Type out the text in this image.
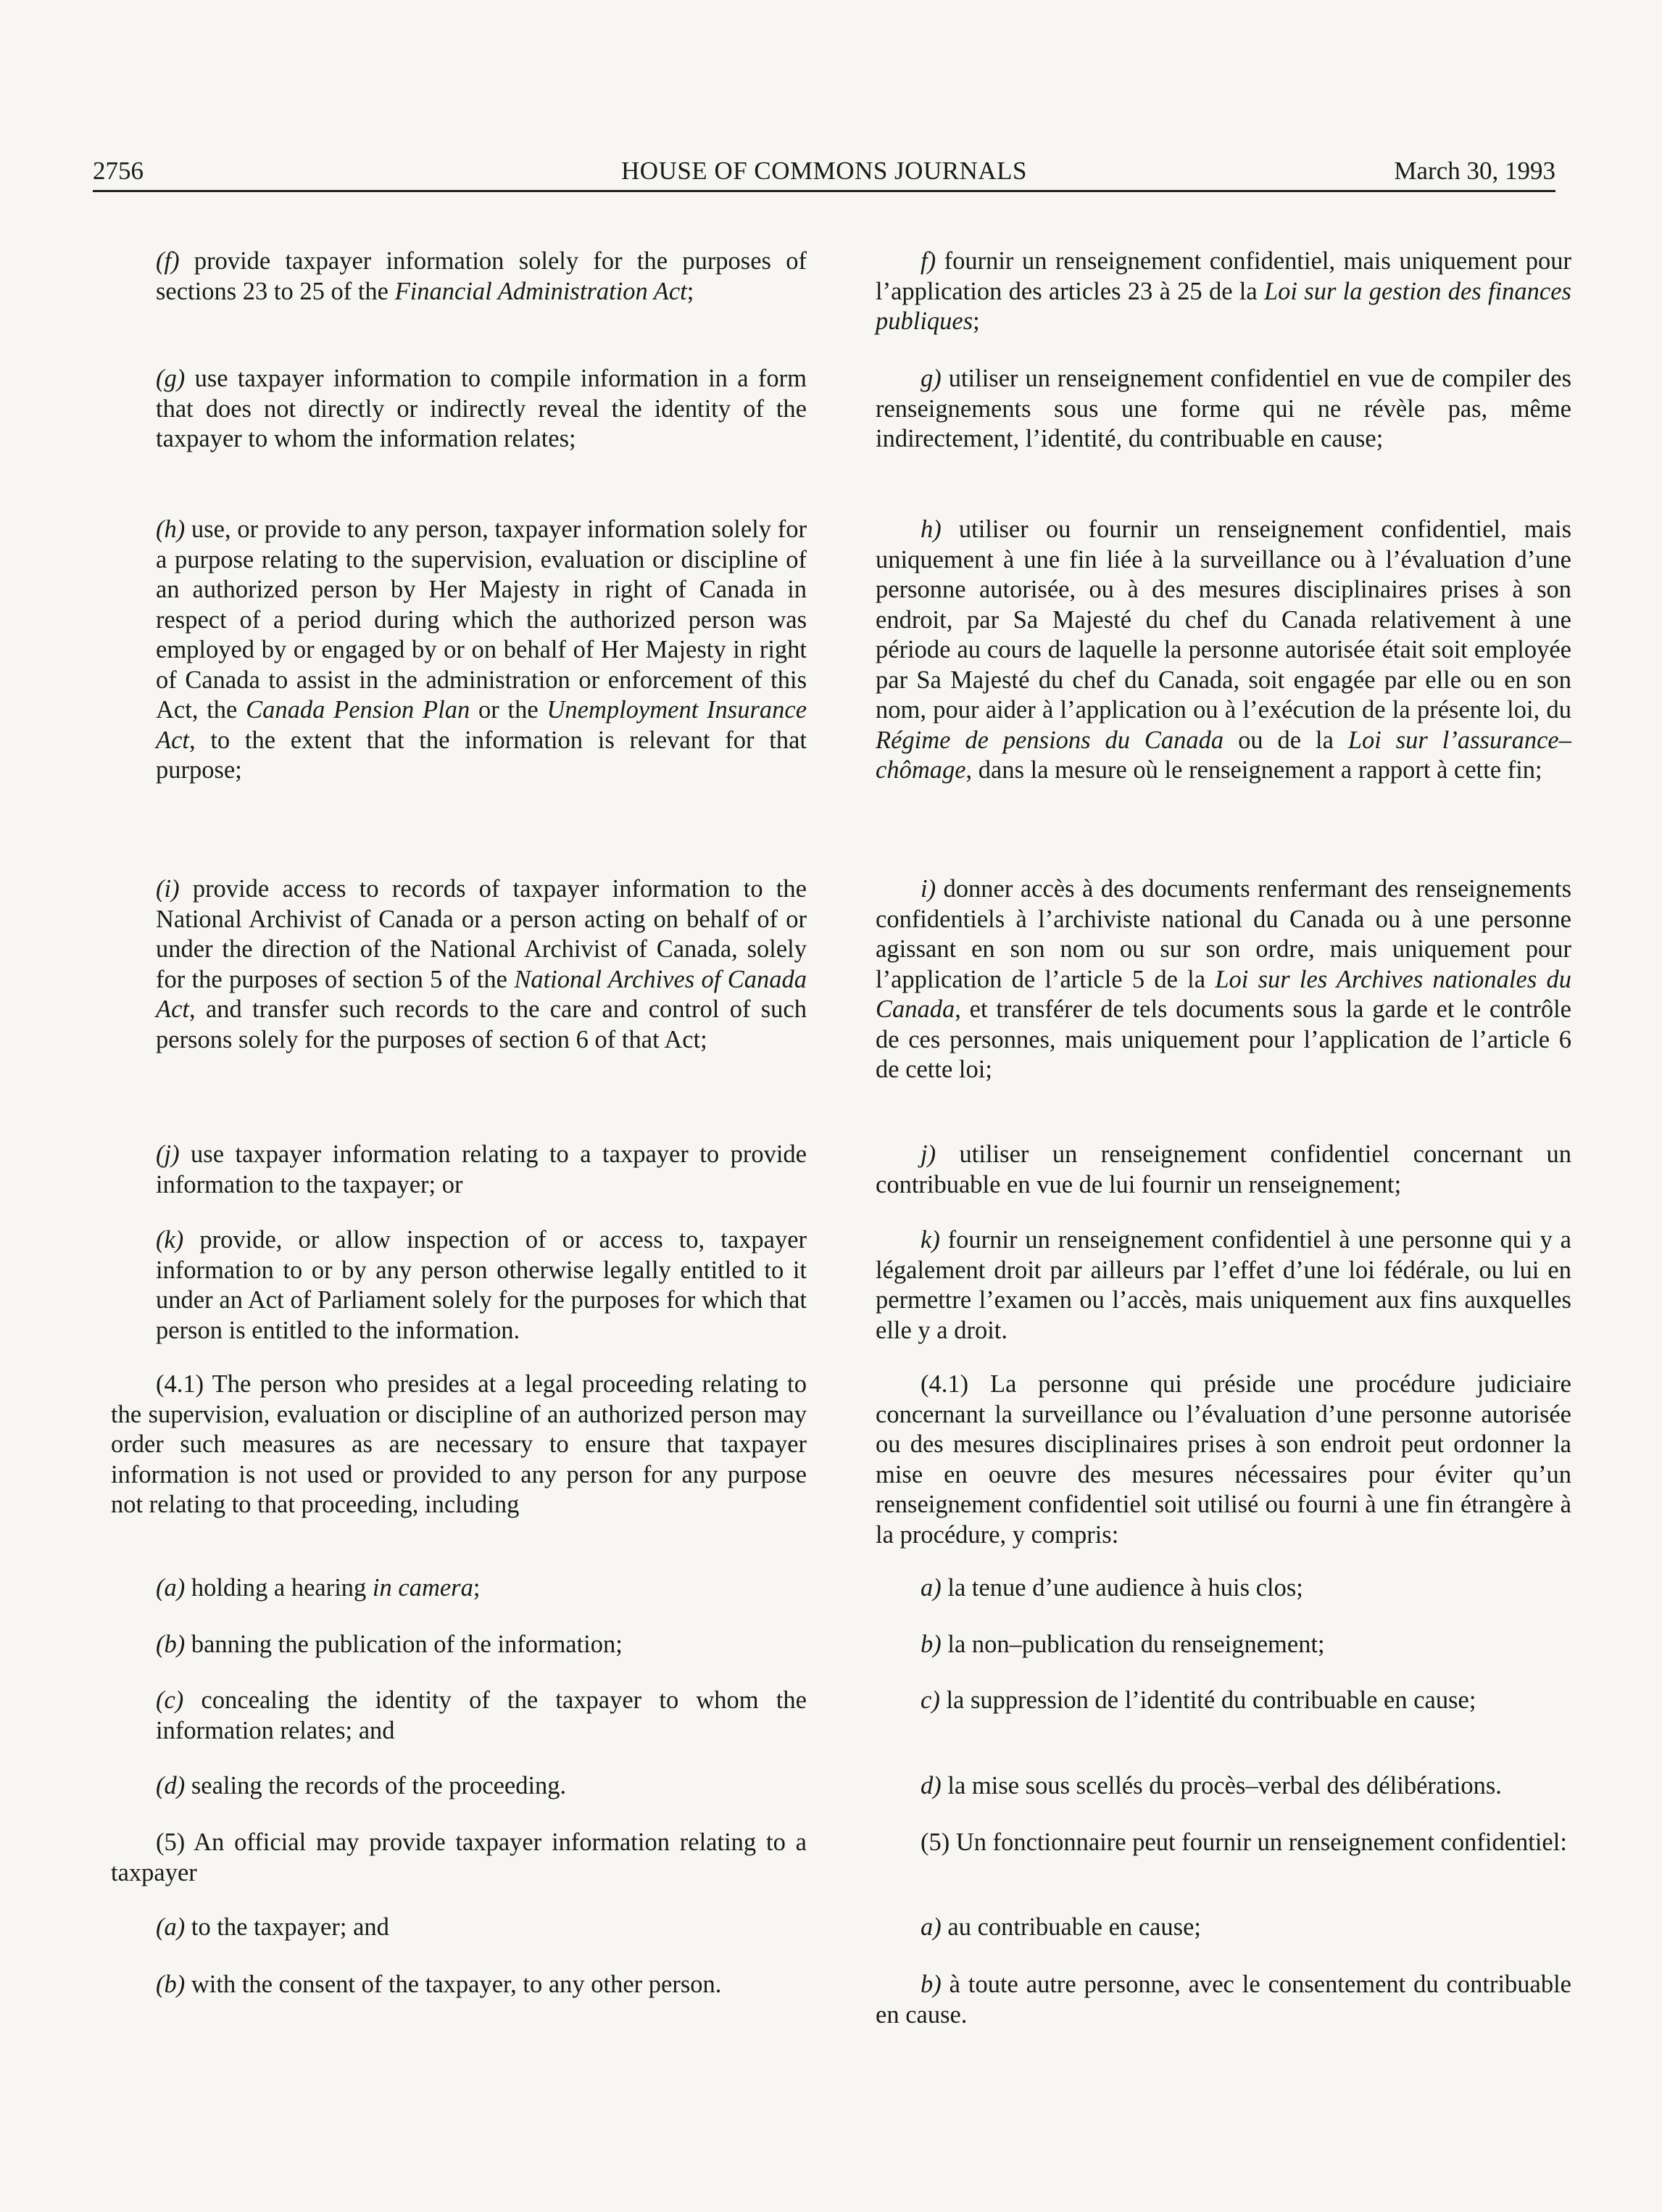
2756	HOUSE OF COMMONS JOURNALS	March 30, 1993

(f) provide taxpayer information solely for the purposes of sections 23 to 25 of the Financial Administration Act;

(g) use taxpayer information to compile information in a form that does not directly or indirectly reveal the identity of the taxpayer to whom the information relates;

(h) use, or provide to any person, taxpayer information solely for a purpose relating to the supervision, evaluation or discipline of an authorized person by Her Majesty in right of Canada in respect of a period during which the authorized person was employed by or engaged by or on behalf of Her Majesty in right of Canada to assist in the administration or enforcement of this Act, the Canada Pension Plan or the Unemployment Insurance Act, to the extent that the information is relevant for that purpose;

(i) provide access to records of taxpayer information to the National Archivist of Canada or a person acting on behalf of or under the direction of the National Archivist of Canada, solely for the purposes of section 5 of the National Archives of Canada Act, and transfer such records to the care and control of such persons solely for the purposes of section 6 of that Act;

(j) use taxpayer information relating to a taxpayer to provide information to the taxpayer; or

(k) provide, or allow inspection of or access to, taxpayer information to or by any person otherwise legally entitled to it under an Act of Parliament solely for the purposes for which that person is entitled to the information.

(4.1) The person who presides at a legal proceeding relating to the supervision, evaluation or discipline of an authorized person may order such measures as are necessary to ensure that taxpayer information is not used or provided to any person for any purpose not relating to that proceeding, including

(a) holding a hearing in camera;

(b) banning the publication of the information;

(c) concealing the identity of the taxpayer to whom the information relates; and

(d) sealing the records of the proceeding.

(5) An official may provide taxpayer information relating to a taxpayer

(a) to the taxpayer; and

(b) with the consent of the taxpayer, to any other person.

f) fournir un renseignement confidentiel, mais uniquement pour l’application des articles 23 à 25 de la Loi sur la gestion des finances publiques;

g) utiliser un renseignement confidentiel en vue de compiler des renseignements sous une forme qui ne révèle pas, même indirectement, l’identité, du contribuable en cause;

h) utiliser ou fournir un renseignement confidentiel, mais uniquement à une fin liée à la surveillance ou à l’évaluation d’une personne autorisée, ou à des mesures disciplinaires prises à son endroit, par Sa Majesté du chef du Canada relativement à une période au cours de laquelle la personne autorisée était soit employée par Sa Majesté du chef du Canada, soit engagée par elle ou en son nom, pour aider à l’application ou à l’exécution de la présente loi, du Régime de pensions du Canada ou de la Loi sur l’assurance–chômage, dans la mesure où le renseignement a rapport à cette fin;

i) donner accès à des documents renfermant des renseignements confidentiels à l’archiviste national du Canada ou à une personne agissant en son nom ou sur son ordre, mais uniquement pour l’application de l’article 5 de la Loi sur les Archives nationales du Canada, et transférer de tels documents sous la garde et le contrôle de ces personnes, mais uniquement pour l’application de l’article 6 de cette loi;

j) utiliser un renseignement confidentiel concernant un contribuable en vue de lui fournir un renseignement;

k) fournir un renseignement confidentiel à une personne qui y a légalement droit par ailleurs par l’effet d’une loi fédérale, ou lui en permettre l’examen ou l’accès, mais uniquement aux fins auxquelles elle y a droit.

(4.1) La personne qui préside une procédure judiciaire concernant la surveillance ou l’évaluation d’une personne autorisée ou des mesures disciplinaires prises à son endroit peut ordonner la mise en oeuvre des mesures nécessaires pour éviter qu’un renseignement confidentiel soit utilisé ou fourni à une fin étrangère à la procédure, y compris:

a) la tenue d’une audience à huis clos;

b) la non–publication du renseignement;

c) la suppression de l’identité du contribuable en cause;

d) la mise sous scellés du procès–verbal des délibérations.

(5) Un fonctionnaire peut fournir un renseignement confidentiel:

a) au contribuable en cause;

b) à toute autre personne, avec le consentement du contribuable en cause.
